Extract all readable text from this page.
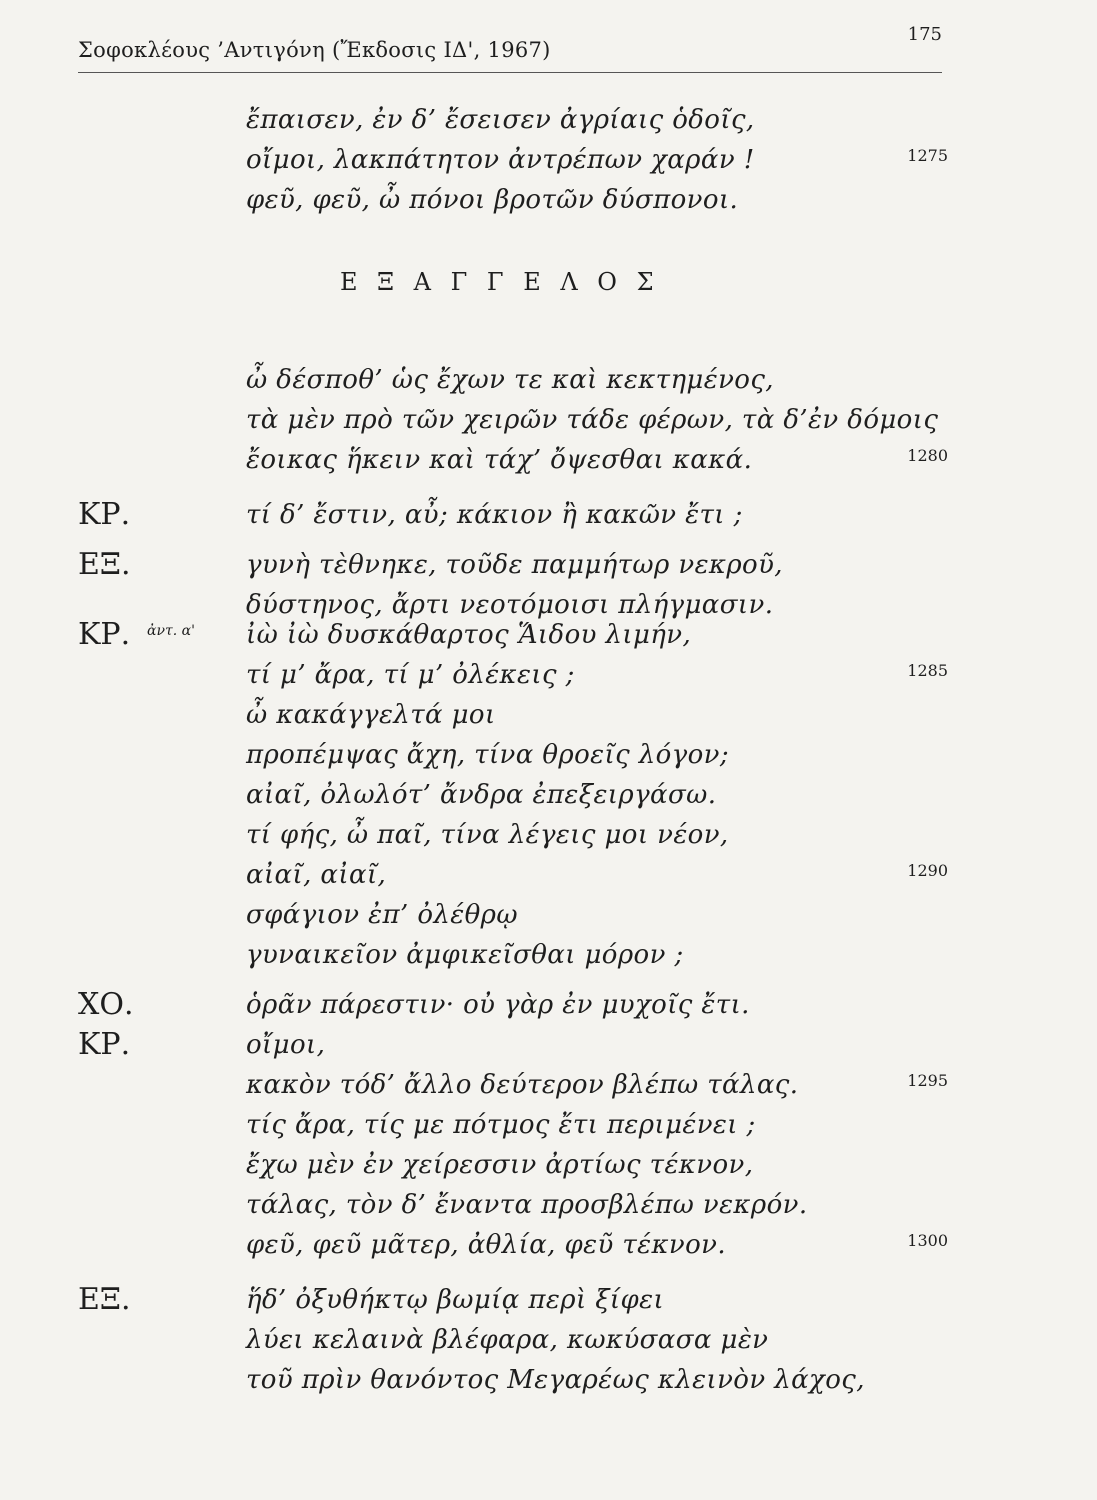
Σοφοκλέους ’Αντιγόνη (Ἔκδοσις ΙΔ', 1967)
175
Ε Ξ Α Γ Γ Ε Λ Ο Σ
ἔπαισεν, ἐν δ’ ἔσεισεν ἀγρίαις ὁδοῖς,
οἴμοι, λακπάτητον ἀντρέπων χαράν !	1275
φεῦ, φεῦ, ὦ πόνοι βροτῶν δύσπονοι.
ὦ δέσποθ’ ὡς ἔχων τε καὶ κεκτημένος,
τὰ μὲν πρὸ τῶν χειρῶν τάδε φέρων, τὰ δ’ἐν δόμοις
ἔοικας ἥκειν καὶ τάχ’ ὄψεσθαι κακά.	1280
ΚΡ.	τί δ’ ἔστιν, αὖ; κάκιον ἢ κακῶν ἔτι ;
ΕΞ.	γυνὴ τὲθνηκε, τοῦδε παμμήτωρ νεκροῦ,
δύστηνος, ἄρτι νεοτόμοισι πλήγμασιν.
ΚΡ. ἀντ. α' ἰὼ ἰὼ δυσκάθαρτος Ἅιδου λιμήν,
τί μ’ ἄρα, τί μ’ ὀλέκεις ;	1285
ὦ κακάγγελτά μοι
προπέμψας ἄχη, τίνα θροεῖς λόγον;
αἰαῖ, ὀλωλότ’ ἄνδρα ἐπεξειργάσω.
τί φής, ὦ παῖ, τίνα λέγεις μοι νέον,
αἰαῖ, αἰαῖ,	1290
σφάγιον ἐπ’ ὀλέθρῳ
γυναικεῖον ἀμφικεῖσθαι μόρον ;
ΧΟ.	ὁρᾶν πάρεστιν· οὐ γὰρ ἐν μυχοῖς ἔτι.
ΚΡ.	οἴμοι,
κακὸν τόδ’ ἄλλο δεύτερον βλέπω τάλας.	1295
τίς ἄρα, τίς με πότμος ἔτι περιμένει ;
ἔχω μὲν ἐν χείρεσσιν ἀρτίως τέκνον,
τάλας, τὸν δ’ ἔναντα προσβλέπω νεκρόν.
φεῦ, φεῦ μᾶτερ, ἀθλία, φεῦ τέκνον.	1300
ΕΞ.	ἥδ’ ὀξυθήκτῳ βωμίᾳ περὶ ξίφει
λύει κελαινὰ βλέφαρα, κωκύσασα μὲν
τοῦ πρὶν θανόντος Μεγαρέως κλεινὸν λάχος,
